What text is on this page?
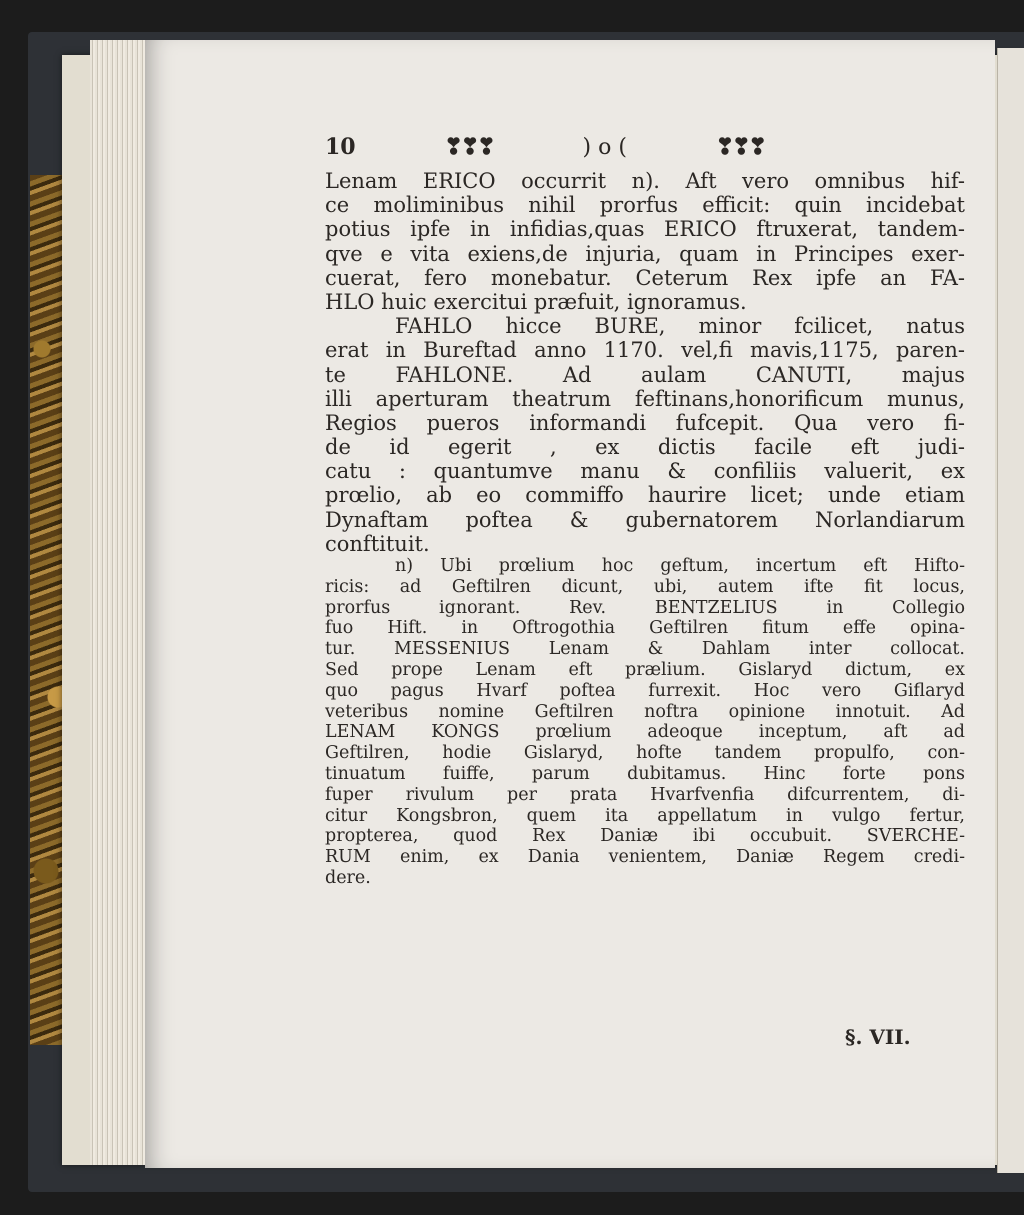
10	❣❣❣	) o (	❣❣❣
Lenam ERICO occurrit n). Aft vero omnibus hif-
ce moliminibus nihil prorfus efficit: quin incidebat
potius ipfe in infidias,quas ERICO ftruxerat, tandem-
qve e vita exiens,de injuria, quam in Principes exer-
cuerat, fero monebatur. Ceterum Rex ipfe an FA-
HLO huic exercitui præfuit, ignoramus.
FAHLO hicce BURE, minor fcilicet, natus
erat in Bureftad anno 1170. vel,fi mavis,1175, paren-
te FAHLONE. Ad aulam CANUTI, majus
illi aperturam theatrum feftinans,honorificum munus,
Regios pueros informandi fufcepit. Qua vero fi-
de id egerit , ex dictis facile eft judi-
catu : quantumve manu & confiliis valuerit, ex
prœlio, ab eo commiffo haurire licet; unde etiam
Dynaftam poftea & gubernatorem Norlandiarum
conftituit.
n) Ubi prœlium hoc geftum, incertum eft Hifto-
ricis: ad Geftilren dicunt, ubi, autem ifte fit locus,
prorfus ignorant. Rev. BENTZELIUS in Collegio
fuo Hift. in Oftrogothia Geftilren fitum effe opina-
tur. MESSENIUS Lenam & Dahlam inter collocat.
Sed prope Lenam eft prælium. Gislaryd dictum, ex
quo pagus Hvarf poftea furrexit. Hoc vero Giflaryd
veteribus nomine Geftilren noftra opinione innotuit. Ad
LENAM KONGS prœlium adeoque inceptum, aft ad
Geftilren, hodie Gislaryd, hofte tandem propulfo, con-
tinuatum fuiffe, parum dubitamus. Hinc forte pons
fuper rivulum per prata Hvarfvenfia difcurrentem, di-
citur Kongsbron, quem ita appellatum in vulgo fertur,
propterea, quod Rex Daniæ ibi occubuit. SVERCHE-
RUM enim, ex Dania venientem, Daniæ Regem credi-
dere.
§. VII.
